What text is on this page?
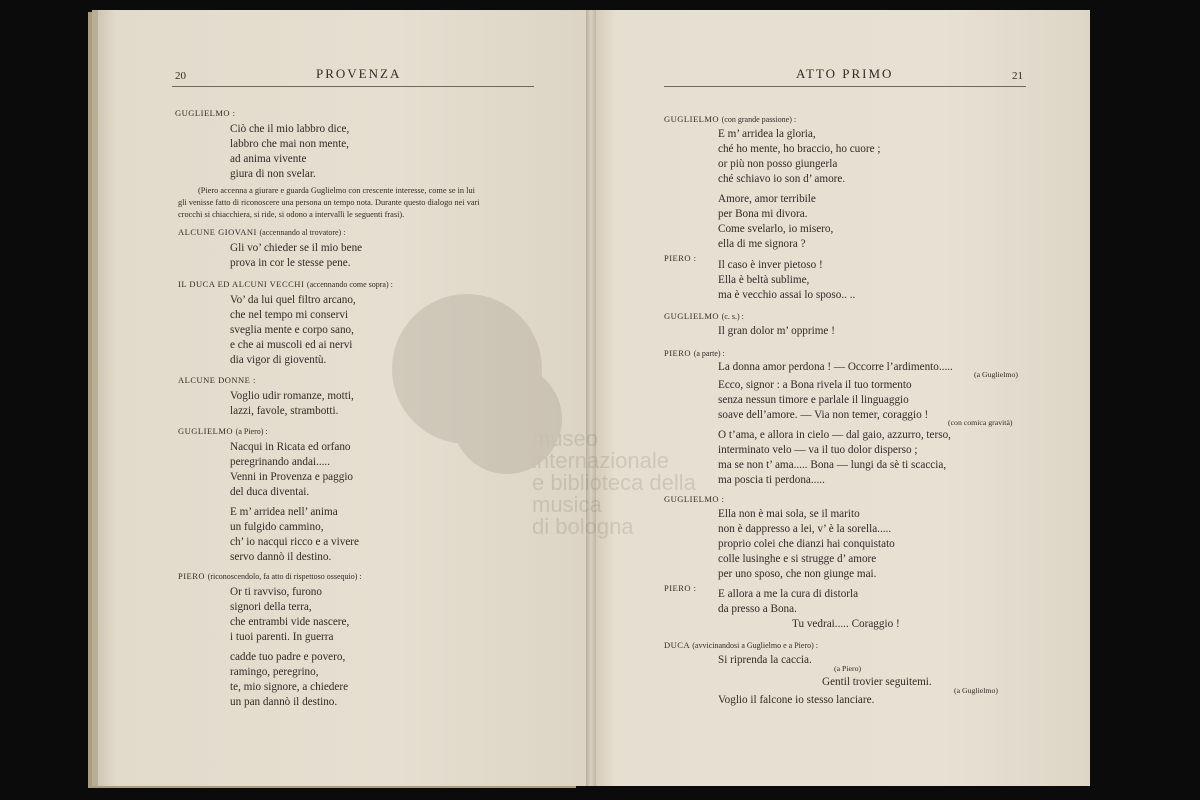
20	PROVENZA	ATTO PRIMO	21
GUGLIELMO :
Ciò che il mio labbro dice,
labbro che mai non mente,
ad anima vivente
giura di non svelar.
(Piero accenna a giurare e guarda Guglielmo con crescente interesse, come se in lui
gli venisse fatto di riconoscere una persona un tempo nota. Durante questo dialogo nei vari
crocchi si chiacchiera, si ride, si odono a intervalli le seguenti frasi).
ALCUNE GIOVANI (accennando al trovatore) :
Gli vo’ chieder se il mio bene
prova in cor le stesse pene.
IL DUCA ED ALCUNI VECCHI (accennando come sopra) :
Vo’ da lui quel filtro arcano,
che nel tempo mi conservi
sveglia mente e corpo sano,
e che ai muscoli ed ai nervi
dia vigor di gioventù.
ALCUNE DONNE :
Voglio udir romanze, motti,
lazzi, favole, strambotti.
GUGLIELMO (a Piero) :
Nacqui in Ricata ed orfano
peregrinando andai.....
Venni in Provenza e paggio
del duca diventai.
E m’ arridea nell’ anima
un fulgido cammino,
ch’ io nacqui ricco e a vivere
servo dannò il destino.
PIERO (riconoscendolo, fa atto di rispettoso ossequio) :
Or ti ravviso, furono
signori della terra,
che entrambi vide nascere,
i tuoi parenti. In guerra
cadde tuo padre e povero,
ramingo, peregrino,
te, mio signore, a chiedere
un pan dannò il destino.
museo internazionale
e biblioteca della musica
di bologna
GUGLIELMO (con grande passione) :
E m’ arridea la gloria,
ché ho mente, ho braccio, ho cuore ;
or più non posso giungerla
ché schiavo io son d’ amore.
Amore, amor terribile
per Bona mi divora.
Come svelarlo, io misero,
ella di me signora ?
PIERO :
Il caso è inver pietoso !
Ella è beltà sublime,
ma è vecchio assai lo sposo.. ..
GUGLIELMO (c. s.) :
Il gran dolor m’ opprime !
PIERO (a parte) :
La donna amor perdona ! — Occorre l’ardimento.....
(a Guglielmo)
Ecco, signor : a Bona rivela il tuo tormento
senza nessun timore e parlale il linguaggio
soave dell’amore. — Via non temer, coraggio !
(con comica gravità)
O t’ama, e allora in cielo — dal gaio, azzurro, terso,
interminato velo — va il tuo dolor disperso ;
ma se non t’ ama..... Bona — lungi da sè ti scaccia,
ma poscia ti perdona.....
GUGLIELMO :
Ella non è mai sola, se il marito
non è dappresso a lei, v’ è la sorella.....
proprio colei che dianzi hai conquistato
colle lusinghe e si strugge d’ amore
per uno sposo, che non giunge mai.
PIERO : E allora a me la cura di distorla
da presso a Bona.
Tu vedrai..... Coraggio !
DUCA (avvicinandosi a Guglielmo e a Piero) :
Si riprenda la caccia.
(a Piero)
Gentil trovier seguitemi.
(a Guglielmo)
Voglio il falcone io stesso lanciare.
